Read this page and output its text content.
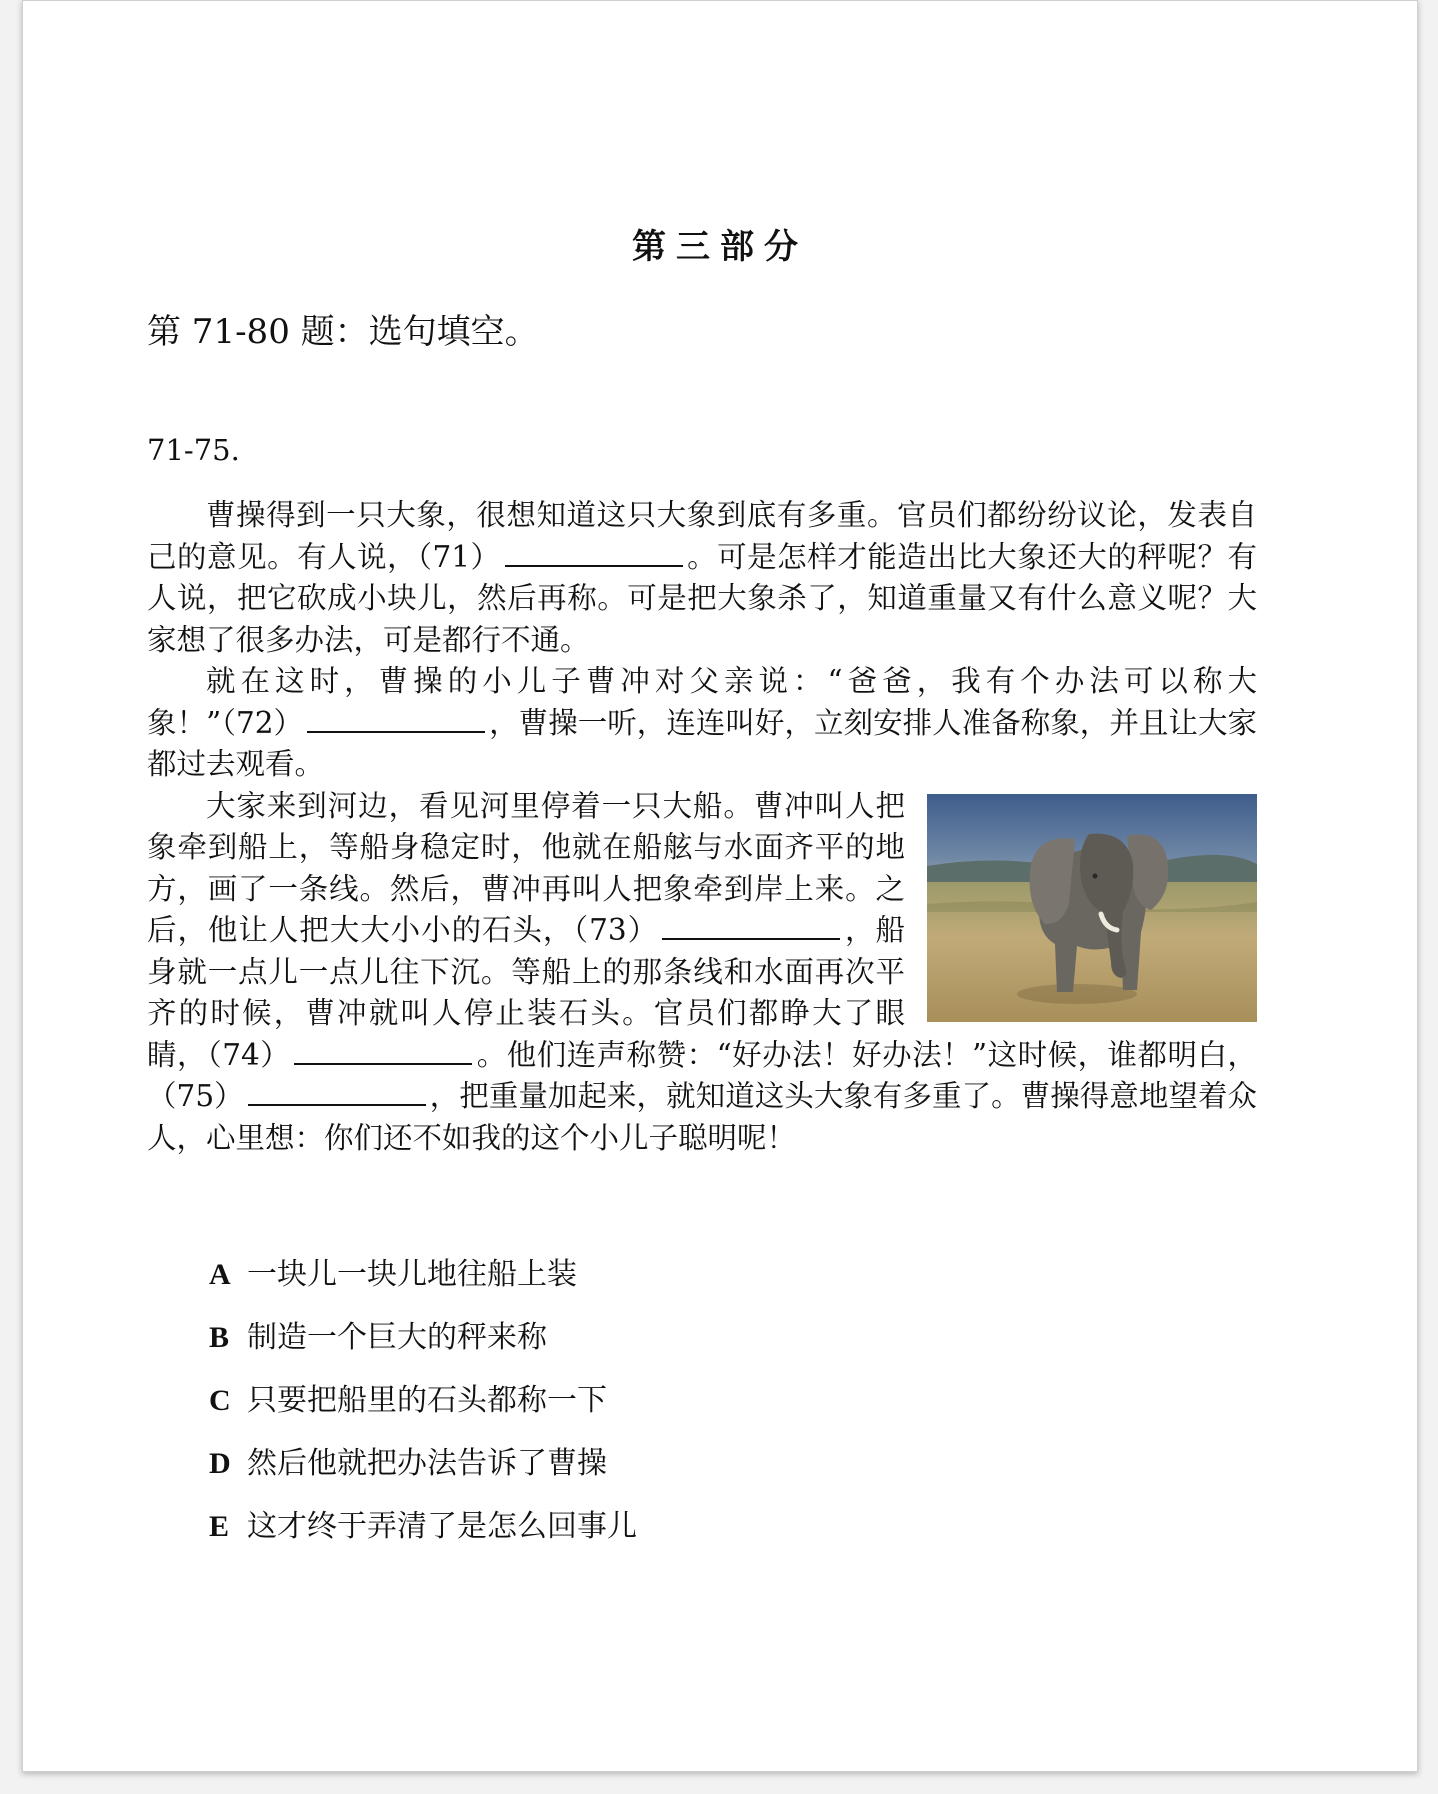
第三部分
第 71-80 题：选句填空。
71-75.

曹操得到一只大象，很想知道这只大象到底有多重。官员们都纷纷议论，发表自己的意见。有人说，（71）	。可是怎样才能造出比大象还大的秤呢？有人说，把它砍成小块儿，然后再称。可是把大象杀了，知道重量又有什么意义呢？大家想了很多办法，可是都行不通。

就在这时，曹操的小儿子曹冲对父亲说：“爸爸，我有个办法可以称大象！”（72）	，曹操一听，连连叫好，立刻安排人准备称象，并且让大家都过去观看。

大家来到河边，看见河里停着一只大船。曹冲叫人把象牵到船上，等船身稳定时，他就在船舷与水面齐平的地方，画了一条线。然后，曹冲再叫人把象牵到岸上来。之后，他让人把大大小小的石头，（73）	，船身就一点儿一点儿往下沉。等船上的那条线和水面再次平齐的时候，曹冲就叫人停止装石头。官员们都睁大了眼睛，（74）	。他们连声称赞：“好办法！好办法！”这时候，谁都明白，（75）	，把重量加起来，就知道这头大象有多重了。曹操得意地望着众人，心里想：你们还不如我的这个小儿子聪明呢！

A 一块儿一块儿地往船上装
B 制造一个巨大的秤来称
C 只要把船里的石头都称一下
D 然后他就把办法告诉了曹操
E 这才终于弄清了是怎么回事儿
